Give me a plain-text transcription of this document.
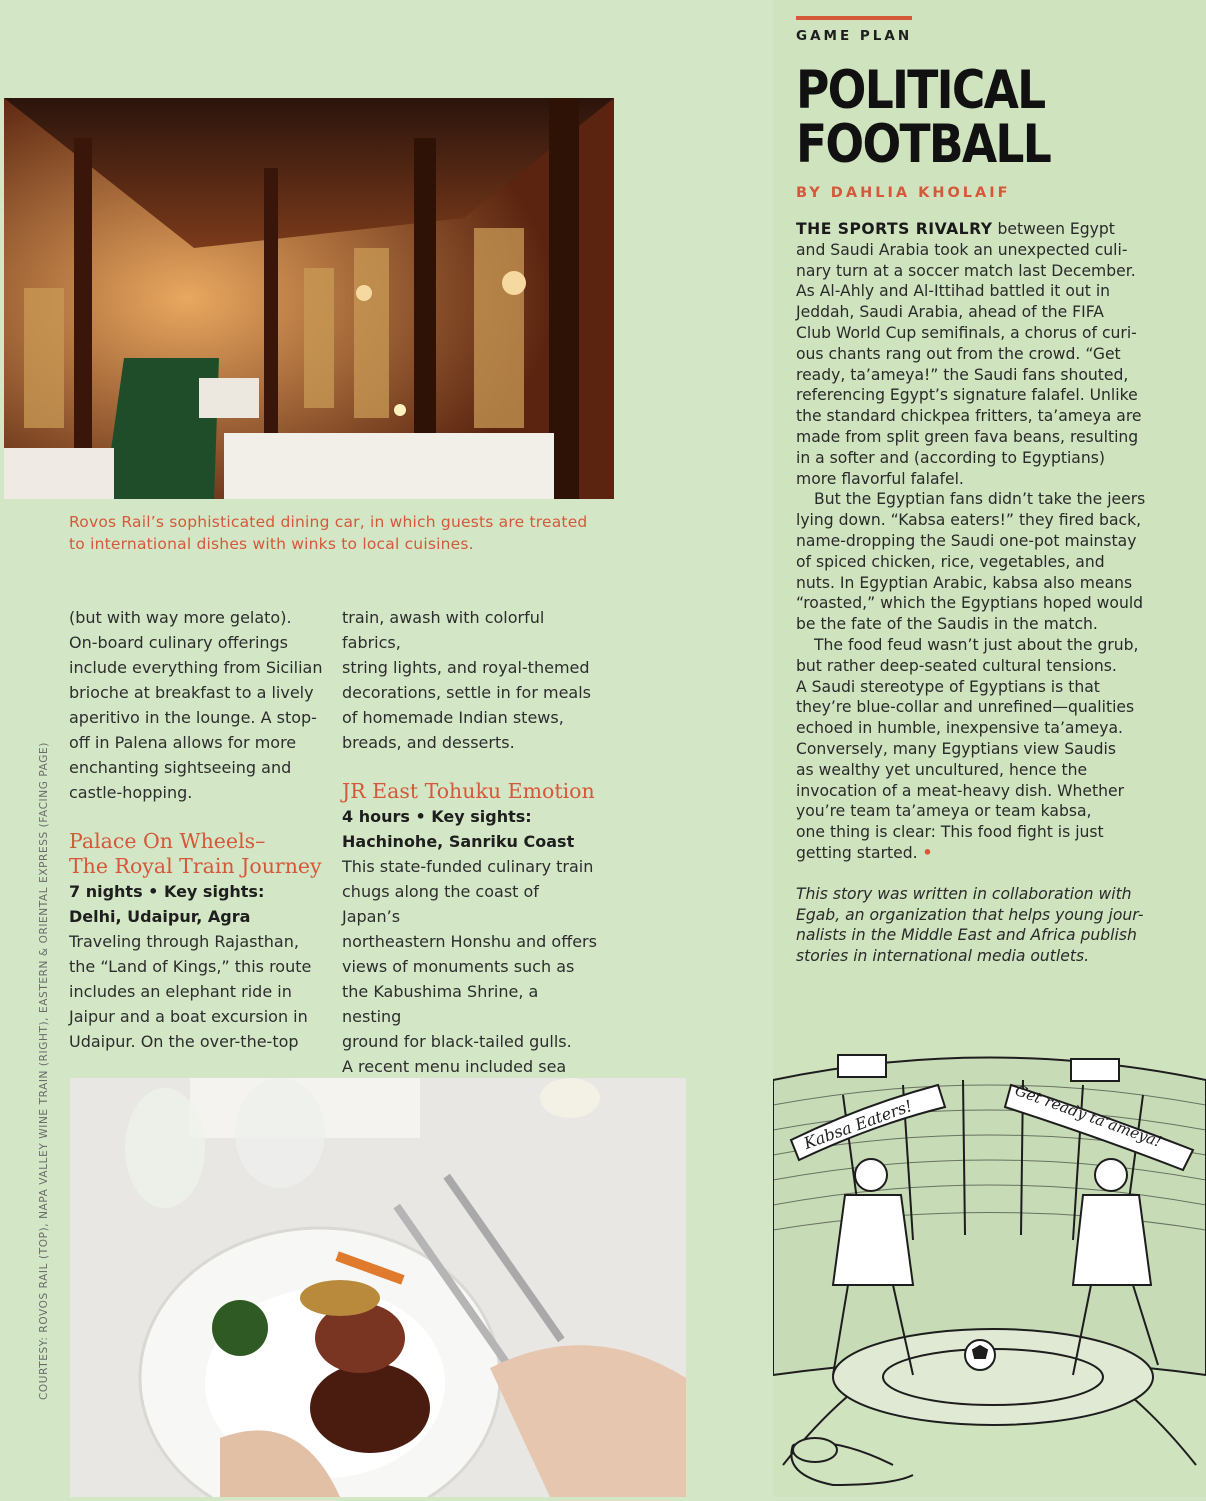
Rovos Rail’s sophisticated dining car, in which guests are treated to international dishes with winks to local cuisines.

(but with way more gelato).

On-board culinary offerings

include everything from Sicilian

brioche at breakfast to a lively

aperitivo in the lounge. A stop-

off in Palena allows for more

enchanting sightseeing and

castle-hopping.

Palace On Wheels–
The Royal Train Journey

7 nights • Key sights:

Delhi, Udaipur, Agra

Traveling through Rajasthan,

the “Land of Kings,” this route

includes an elephant ride in

Jaipur and a boat excursion in

Udaipur. On the over-the-top

train, awash with colorful fabrics,

string lights, and royal-themed

decorations, settle in for meals

of homemade Indian stews,

breads, and desserts.

JR East Tohuku Emotion

4 hours • Key sights:

Hachinohe, Sanriku Coast

This state-funded culinary train

chugs along the coast of Japan’s

northeastern Honshu and offers

views of monuments such as

the Kabushima Shrine, a nesting

ground for black-tailed gulls.

A recent menu included sea

COURTESY: ROVOS RAIL (TOP), NAPA VALLEY WINE TRAIN (RIGHT), EASTERN & ORIENTAL EXPRESS (FACING PAGE)
GAME PLAN
POLITICAL
FOOTBALL
BY DAHLIA KHOLAIF

THE SPORTS RIVALRY between Egypt

and Saudi Arabia took an unexpected culi-

nary turn at a soccer match last December.

As Al-Ahly and Al-Ittihad battled it out in

Jeddah, Saudi Arabia, ahead of the FIFA

Club World Cup semifinals, a chorus of curi-

ous chants rang out from the crowd. “Get

ready, ta’ameya!” the Saudi fans shouted,

referencing Egypt’s signature falafel. Unlike

the standard chickpea fritters, ta’ameya are

made from split green fava beans, resulting

in a softer and (according to Egyptians)

more flavorful falafel.

But the Egyptian fans didn’t take the jeers

lying down. “Kabsa eaters!” they fired back,

name-dropping the Saudi one-pot mainstay

of spiced chicken, rice, vegetables, and

nuts. In Egyptian Arabic, kabsa also means

“roasted,” which the Egyptians hoped would

be the fate of the Saudis in the match.

The food feud wasn’t just about the grub,

but rather deep-seated cultural tensions.

A Saudi stereotype of Egyptians is that

they’re blue-collar and unrefined—qualities

echoed in humble, inexpensive ta’ameya.

Conversely, many Egyptians view Saudis

as wealthy yet uncultured, hence the

invocation of a meat-heavy dish. Whether

you’re team ta’ameya or team kabsa,

one thing is clear: This food fight is just

getting started. •

This story was written in collaboration with

Egab, an organization that helps young jour-

nalists in the Middle East and Africa publish

stories in international media outlets.

Kabsa Eaters!	Get ready ta’ameya!
